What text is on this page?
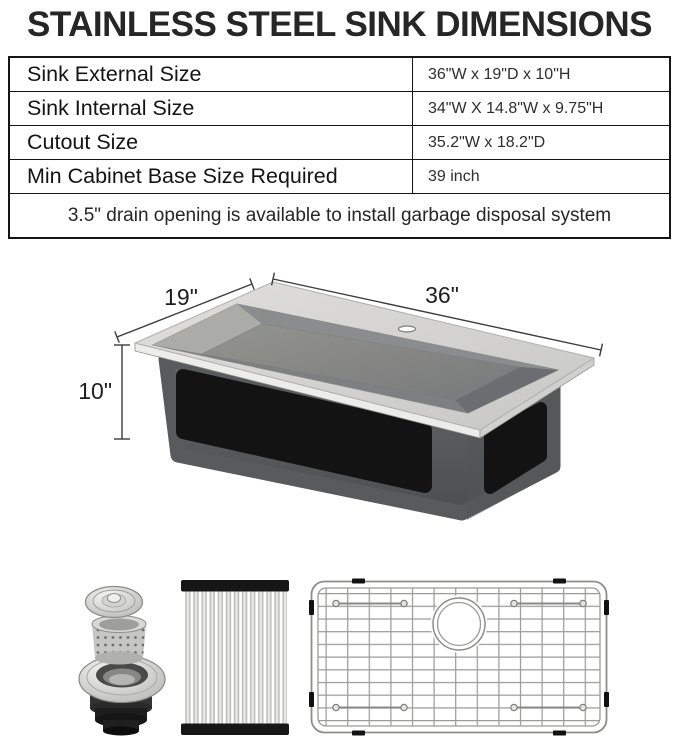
STAINLESS STEEL SINK DIMENSIONS
Sink External Size	36"W x 19"D x 10"H
Sink Internal Size	34"W X 14.8"W x 9.75"H
Cutout Size	35.2"W x 18.2"D
Min Cabinet Base Size Required	39 inch
3.5" drain opening is available to install garbage disposal system
19"	36"
10"
